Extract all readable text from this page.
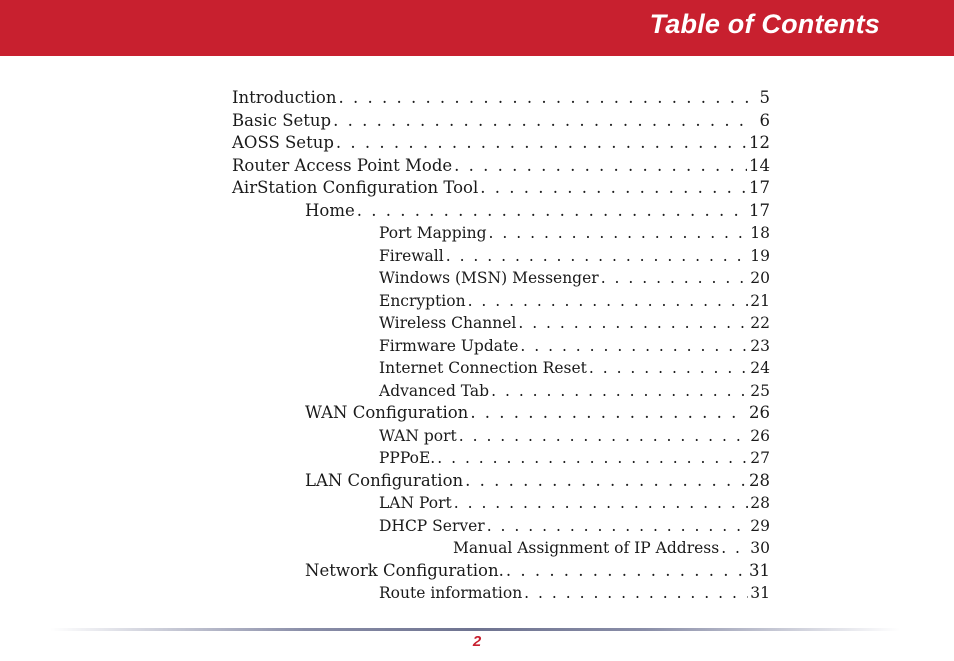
Table of Contents
Introduction . . .	5
Basic Setup . . .	6
AOSS Setup . . .	12
Router Access Point Mode . . .	14
AirStation Configuration Tool . . .	17
Home . . .	17
Port Mapping . . .	18
Firewall . . .	19
Windows (MSN) Messenger . . .	20
Encryption . . .	21
Wireless Channel . . .	22
Firmware Update . . .	23
Internet Connection Reset . . .	24
Advanced Tab . . .	25
WAN Configuration . . .	26
WAN port . . .	26
PPPoE. . . .	27
LAN Configuration . . .	28
LAN Port . . .	28
DHCP Server . . .	29
Manual Assignment of IP Address . . . 30
Network Configuration. . . .	31
Route information . . .	31
2
